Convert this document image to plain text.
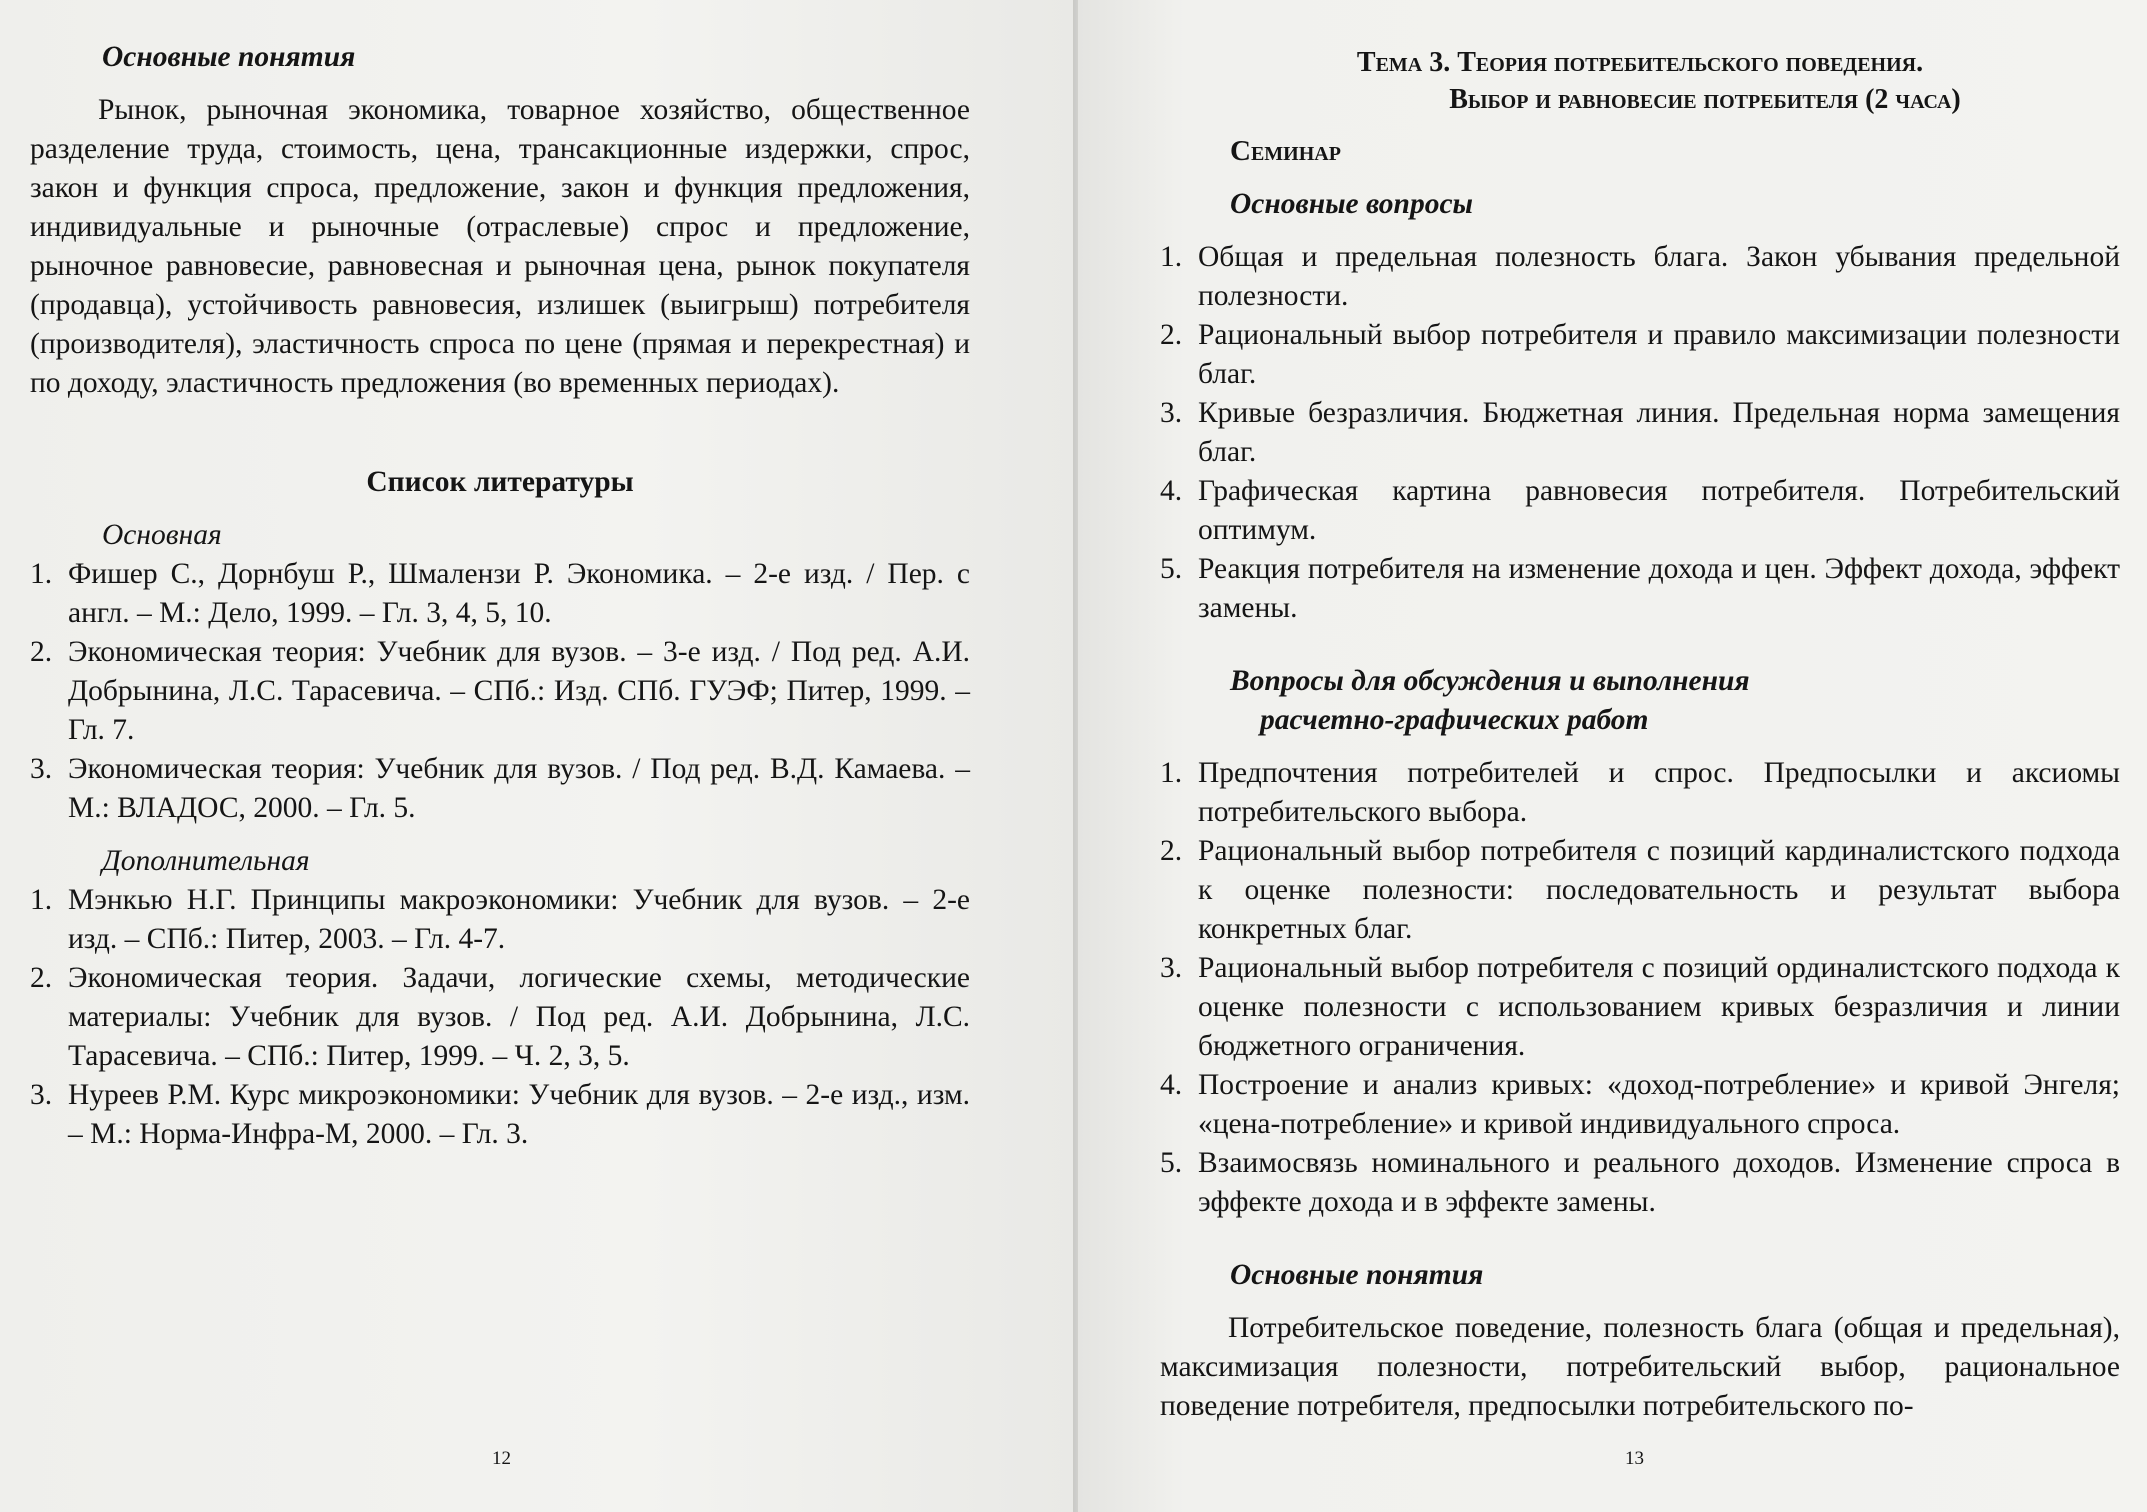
Основные понятия

Рынок, рыночная экономика, товарное хозяйство, общественное разделение труда, стоимость, цена, трансакционные издержки, спрос, закон и функция спроса, предложение, закон и функция предложения, индивидуальные и рыночные (отраслевые) спрос и предложение, рыночное равновесие, равновесная и рыночная цена, рынок покупателя (продавца), устойчивость равновесия, излишек (выигрыш) потребителя (производителя), эластичность спроса по цене (прямая и перекрестная) и по доходу, эластичность предложения (во временных периодах).

Список литературы

Основная

1. Фишер С., Дорнбуш Р., Шмалензи Р. Экономика. – 2-е изд. / Пер. с англ. – М.: Дело, 1999. – Гл. 3, 4, 5, 10.
2. Экономическая теория: Учебник для вузов. – 3-е изд. / Под ред. А.И. Добрынина, Л.С. Тарасевича. – СПб.: Изд. СПб. ГУЭФ; Питер, 1999. – Гл. 7.
3. Экономическая теория: Учебник для вузов. / Под ред. В.Д. Камаева. – М.: ВЛАДОС, 2000. – Гл. 5.

Дополнительная

1. Мэнкью Н.Г. Принципы макроэкономики: Учебник для вузов. – 2-е изд. – СПб.: Питер, 2003. – Гл. 4-7.
2. Экономическая теория. Задачи, логические схемы, методические материалы: Учебник для вузов. / Под ред. А.И. Добрынина, Л.С. Тарасевича. – СПб.: Питер, 1999. – Ч. 2, 3, 5.
3. Нуреев Р.М. Курс микроэкономики: Учебник для вузов. – 2-е изд., изм. – М.: Норма-Инфра-М, 2000. – Гл. 3.
12

Тема 3. Теория потребительского поведения.

Выбор и равновесие потребителя (2 часа)

Семинар

Основные вопросы

1. Общая и предельная полезность блага. Закон убывания предельной полезности.
2. Рациональный выбор потребителя и правило максимизации полезности благ.
3. Кривые безразличия. Бюджетная линия. Предельная норма замещения благ.
4. Графическая картина равновесия потребителя. Потребительский оптимум.
5. Реакция потребителя на изменение дохода и цен. Эффект дохода, эффект замены.

Вопросы для обсуждения и выполнения

расчетно-графических работ

1. Предпочтения потребителей и спрос. Предпосылки и аксиомы потребительского выбора.
2. Рациональный выбор потребителя с позиций кардиналистского подхода к оценке полезности: последовательность и результат выбора конкретных благ.
3. Рациональный выбор потребителя с позиций ординалистского подхода к оценке полезности с использованием кривых безразличия и линии бюджетного ограничения.
4. Построение и анализ кривых: «доход-потребление» и кривой Энгеля; «цена-потребление» и кривой индивидуального спроса.
5. Взаимосвязь номинального и реального доходов. Изменение спроса в эффекте дохода и в эффекте замены.

Основные понятия

Потребительское поведение, полезность блага (общая и предельная), максимизация полезности, потребительский выбор, рациональное поведение потребителя, предпосылки потребительского по-

13
